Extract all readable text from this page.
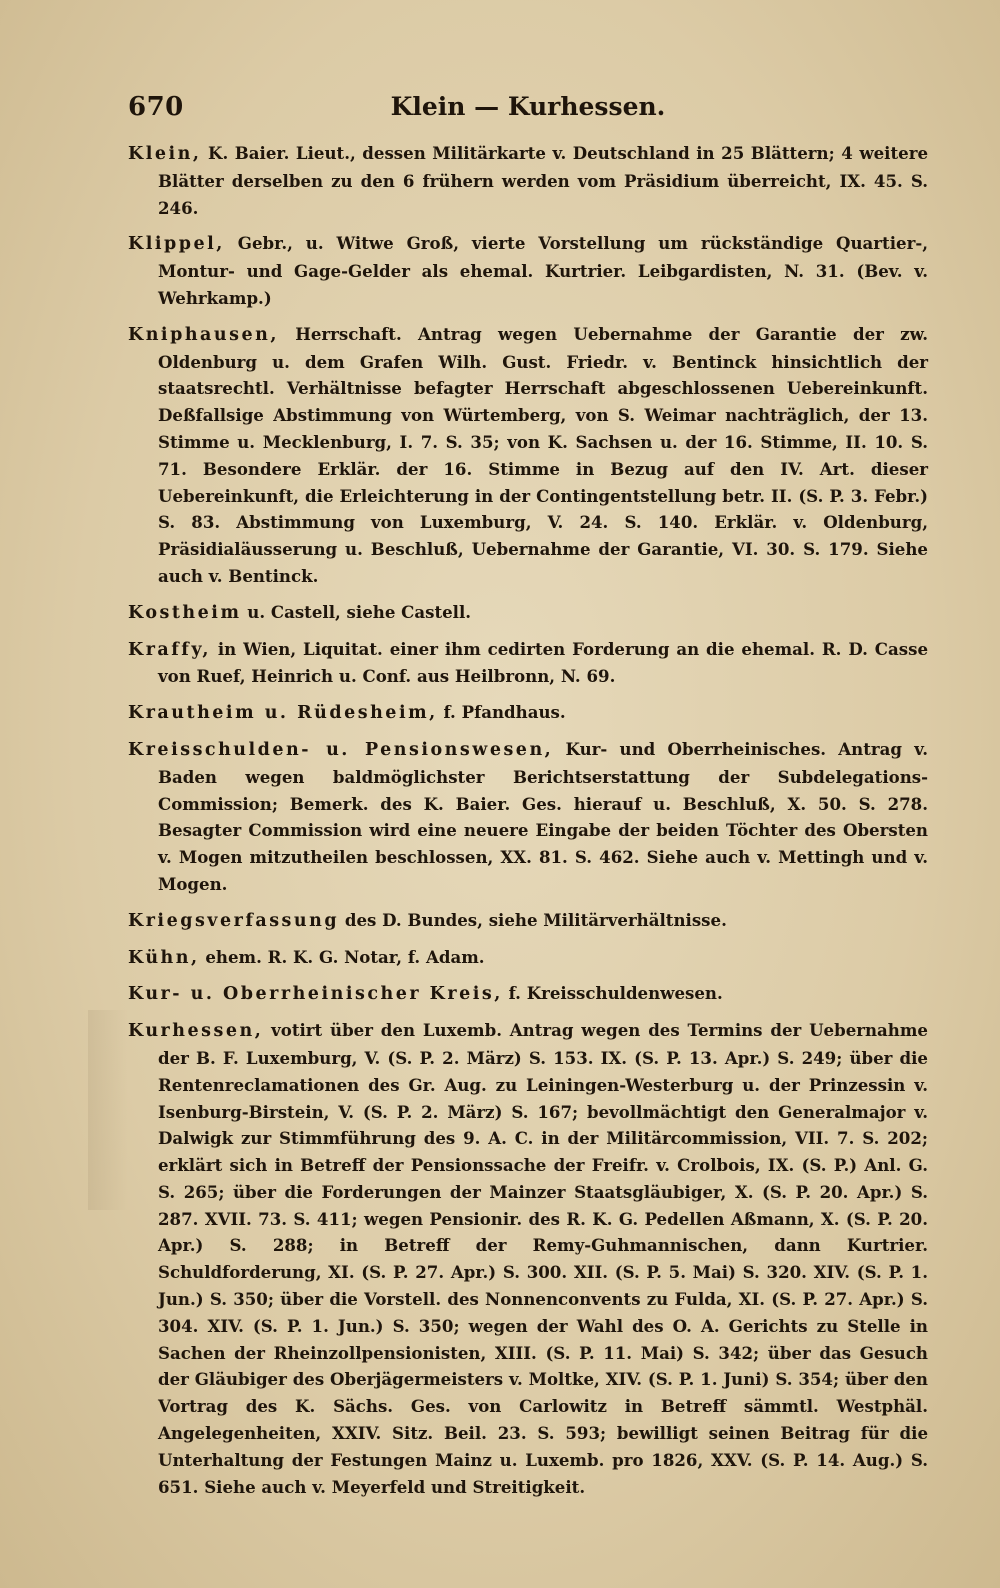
670	Klein — Kurhessen.

Klein, K. Baier. Lieut., dessen Militärkarte v. Deutschland in 25 Blättern; 4 weitere Blätter derselben zu den 6 frühern werden vom Präsidium überreicht, IX. 45. S. 246.

Klippel, Gebr., u. Witwe Groß, vierte Vorstellung um rückständige Quartier-, Montur- und Gage-Gelder als ehemal. Kurtrier. Leibgardisten, N. 31. (Bev. v. Wehrkamp.)

Kniphausen, Herrschaft. Antrag wegen Uebernahme der Garantie der zw. Oldenburg u. dem Grafen Wilh. Gust. Friedr. v. Bentinck hinsichtlich der staatsrechtl. Verhältnisse befagter Herrschaft abgeschlossenen Uebereinkunft. Deßfallsige Abstimmung von Würtemberg, von S. Weimar nachträglich, der 13. Stimme u. Mecklenburg, I. 7. S. 35; von K. Sachsen u. der 16. Stimme, II. 10. S. 71. Besondere Erklär. der 16. Stimme in Bezug auf den IV. Art. dieser Uebereinkunft, die Erleichterung in der Contingentstellung betr. II. (S. P. 3. Febr.) S. 83. Abstimmung von Luxemburg, V. 24. S. 140. Erklär. v. Oldenburg, Präsidialäusserung u. Beschluß, Uebernahme der Garantie, VI. 30. S. 179. Siehe auch v. Bentinck.

Kostheim u. Castell, siehe Castell.

Kraffy, in Wien, Liquitat. einer ihm cedirten Forderung an die ehemal. R. D. Casse von Ruef, Heinrich u. Conf. aus Heilbronn, N. 69.

Krautheim u. Rüdesheim, f. Pfandhaus.

Kreisschulden- u. Pensionswesen, Kur- und Oberrheinisches. Antrag v. Baden wegen baldmöglichster Berichtserstattung der Subdelegations-Commission; Bemerk. des K. Baier. Ges. hierauf u. Beschluß, X. 50. S. 278. Besagter Commission wird eine neuere Eingabe der beiden Töchter des Obersten v. Mogen mitzutheilen beschlossen, XX. 81. S. 462. Siehe auch v. Mettingh und v. Mogen.

Kriegsverfassung des D. Bundes, siehe Militärverhältnisse.

Kühn, ehem. R. K. G. Notar, f. Adam.

Kur- u. Oberrheinischer Kreis, f. Kreisschuldenwesen.

Kurhessen, votirt über den Luxemb. Antrag wegen des Termins der Uebernahme der B. F. Luxemburg, V. (S. P. 2. März) S. 153. IX. (S. P. 13. Apr.) S. 249; über die Rentenreclamationen des Gr. Aug. zu Leiningen-Westerburg u. der Prinzessin v. Isenburg-Birstein, V. (S. P. 2. März) S. 167; bevollmächtigt den Generalmajor v. Dalwigk zur Stimmführung des 9. A. C. in der Militärcommission, VII. 7. S. 202; erklärt sich in Betreff der Pensionssache der Freifr. v. Crolbois, IX. (S. P.) Anl. G. S. 265; über die Forderungen der Mainzer Staatsgläubiger, X. (S. P. 20. Apr.) S. 287. XVII. 73. S. 411; wegen Pensionir. des R. K. G. Pedellen Aßmann, X. (S. P. 20. Apr.) S. 288; in Betreff der Remy-Guhmannischen, dann Kurtrier. Schuldforderung, XI. (S. P. 27. Apr.) S. 300. XII. (S. P. 5. Mai) S. 320. XIV. (S. P. 1. Jun.) S. 350; über die Vorstell. des Nonnenconvents zu Fulda, XI. (S. P. 27. Apr.) S. 304. XIV. (S. P. 1. Jun.) S. 350; wegen der Wahl des O. A. Gerichts zu Stelle in Sachen der Rheinzollpensionisten, XIII. (S. P. 11. Mai) S. 342; über das Gesuch der Gläubiger des Oberjägermeisters v. Moltke, XIV. (S. P. 1. Juni) S. 354; über den Vortrag des K. Sächs. Ges. von Carlowitz in Betreff sämmtl. Westphäl. Angelegenheiten, XXIV. Sitz. Beil. 23. S. 593; bewilligt seinen Beitrag für die Unterhaltung der Festungen Mainz u. Luxemb. pro 1826, XXV. (S. P. 14. Aug.) S. 651. Siehe auch v. Meyerfeld und Streitigkeit.
